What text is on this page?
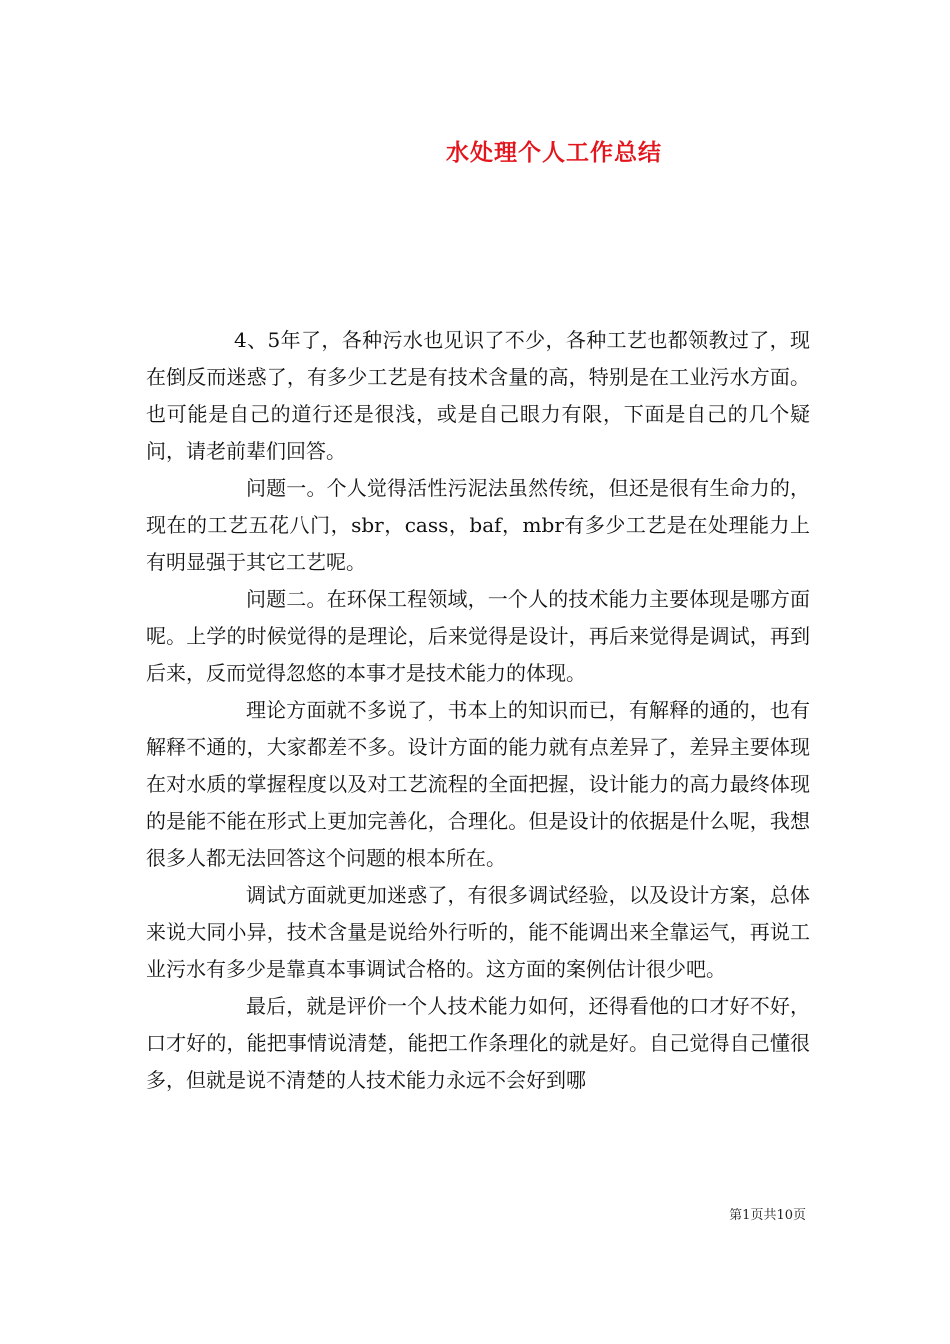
水处理个人工作总结

4、5年了，各种污水也见识了不少，各种工艺也都领教过了，现在倒反而迷惑了，有多少工艺是有技术含量的高，特别是在工业污水方面。也可能是自己的道行还是很浅，或是自己眼力有限，下面是自己的几个疑问，请老前辈们回答。

问题一。个人觉得活性污泥法虽然传统，但还是很有生命力的，现在的工艺五花八门，sbr，cass，baf，mbr有多少工艺是在处理能力上有明显强于其它工艺呢。

问题二。在环保工程领域，一个人的技术能力主要体现是哪方面呢。上学的时候觉得的是理论，后来觉得是设计，再后来觉得是调试，再到后来，反而觉得忽悠的本事才是技术能力的体现。

理论方面就不多说了，书本上的知识而已，有解释的通的，也有解释不通的，大家都差不多。设计方面的能力就有点差异了，差异主要体现在对水质的掌握程度以及对工艺流程的全面把握，设计能力的高力最终体现的是能不能在形式上更加完善化，合理化。但是设计的依据是什么呢，我想很多人都无法回答这个问题的根本所在。

调试方面就更加迷惑了，有很多调试经验，以及设计方案，总体来说大同小异，技术含量是说给外行听的，能不能调出来全靠运气，再说工业污水有多少是靠真本事调试合格的。这方面的案例估计很少吧。

最后，就是评价一个人技术能力如何，还得看他的口才好不好，口才好的，能把事情说清楚，能把工作条理化的就是好。自己觉得自己懂很多，但就是说不清楚的人技术能力永远不会好到哪

第1页共10页
